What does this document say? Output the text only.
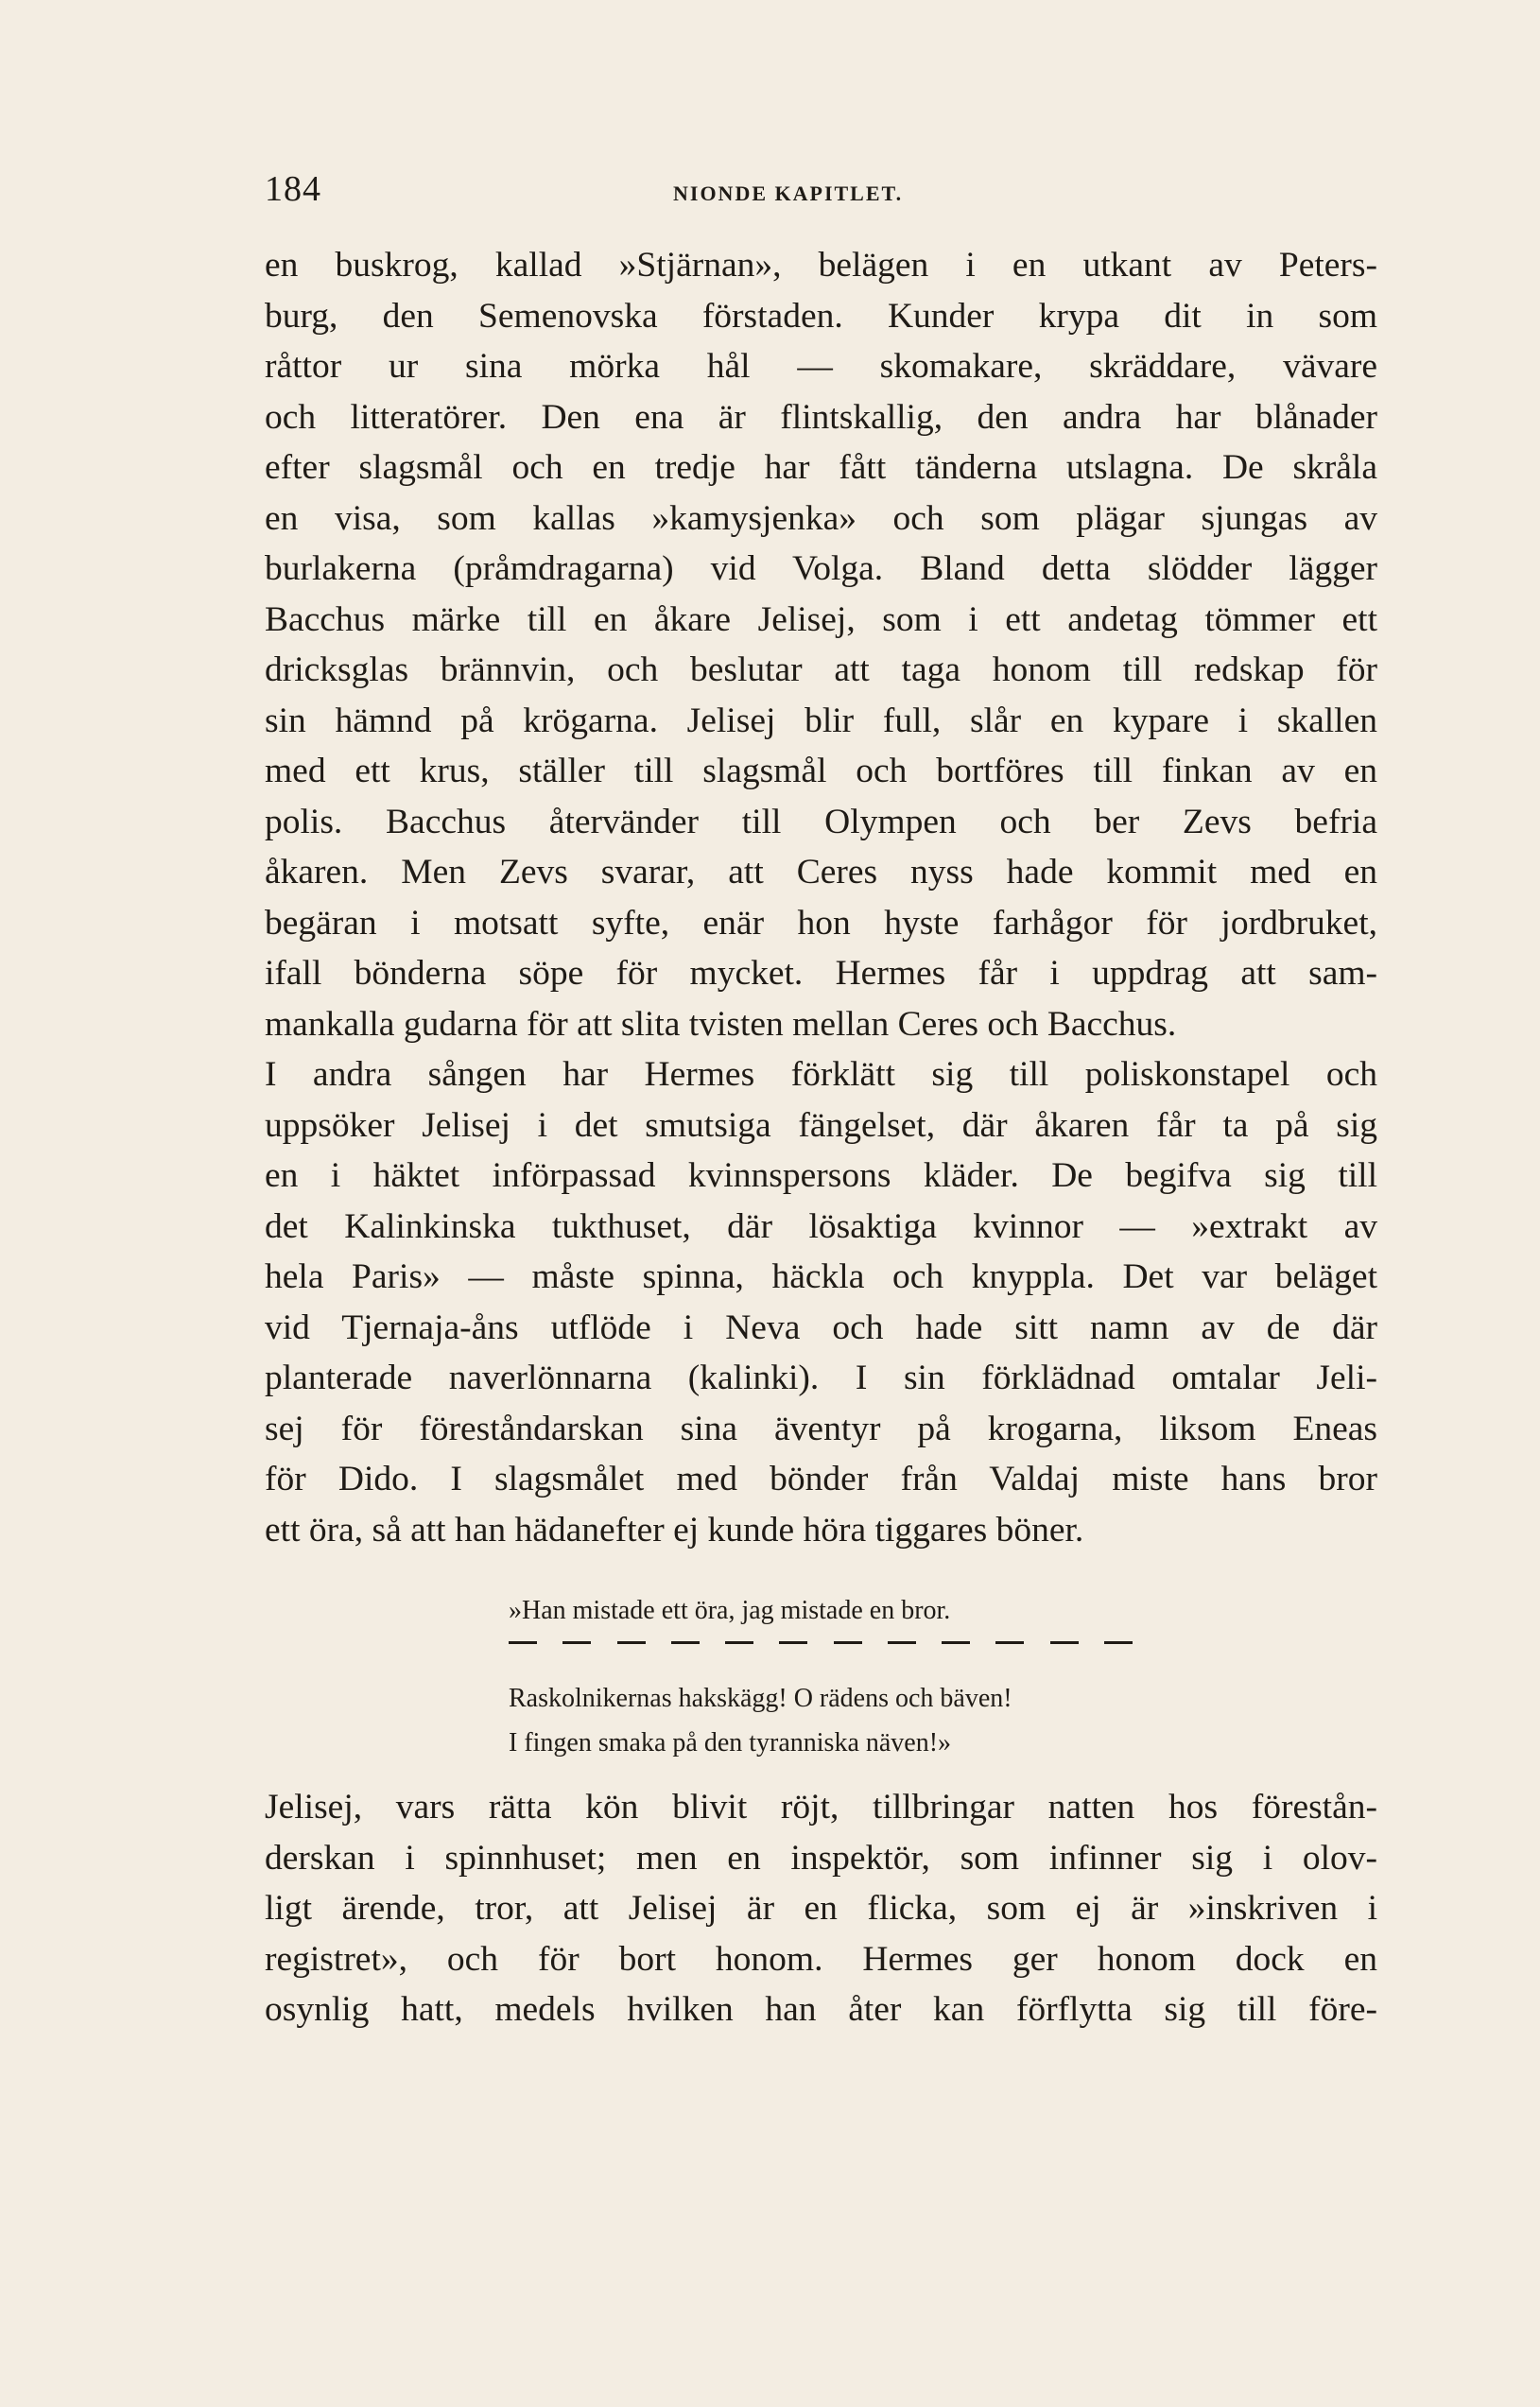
184	NIONDE KAPITLET.

en buskrog, kallad »Stjärnan», belägen i en utkant av Peters-
burg, den Semenovska förstaden. Kunder krypa dit in som
råttor ur sina mörka hål — skomakare, skräddare, vävare
och litteratörer. Den ena är flintskallig, den andra har blånader
efter slagsmål och en tredje har fått tänderna utslagna. De skråla
en visa, som kallas »kamysjenka» och som plägar sjungas av
burlakerna (pråmdragarna) vid Volga. Bland detta slödder lägger
Bacchus märke till en åkare Jelisej, som i ett andetag tömmer ett
dricksglas brännvin, och beslutar att taga honom till redskap för
sin hämnd på krögarna. Jelisej blir full, slår en kypare i skallen
med ett krus, ställer till slagsmål och bortföres till finkan av en
polis. Bacchus återvänder till Olympen och ber Zevs befria
åkaren. Men Zevs svarar, att Ceres nyss hade kommit med en
begäran i motsatt syfte, enär hon hyste farhågor för jordbruket,
ifall bönderna söpe för mycket. Hermes får i uppdrag att sam-
mankalla gudarna för att slita tvisten mellan Ceres och Bacchus.

I andra sången har Hermes förklätt sig till poliskonstapel och
uppsöker Jelisej i det smutsiga fängelset, där åkaren får ta på sig
en i häktet införpassad kvinnspersons kläder. De begifva sig till
det Kalinkinska tukthuset, där lösaktiga kvinnor — »extrakt av
hela Paris» — måste spinna, häckla och knyppla. Det var beläget
vid Tjernaja-åns utflöde i Neva och hade sitt namn av de där
planterade naverlönnarna (kalinki). I sin förklädnad omtalar Jeli-
sej för föreståndarskan sina äventyr på krogarna, liksom Eneas
för Dido. I slagsmålet med bönder från Valdaj miste hans bror
ett öra, så att han hädanefter ej kunde höra tiggares böner.

»Han mistade ett öra, jag mistade en bror.
Raskolnikernas hakskägg! O rädens och bäven!
I fingen smaka på den tyranniska näven!»

Jelisej, vars rätta kön blivit röjt, tillbringar natten hos förestån-
derskan i spinnhuset; men en inspektör, som infinner sig i olov-
ligt ärende, tror, att Jelisej är en flicka, som ej är »inskriven i
registret», och för bort honom. Hermes ger honom dock en
osynlig hatt, medels hvilken han åter kan förflytta sig till före-
